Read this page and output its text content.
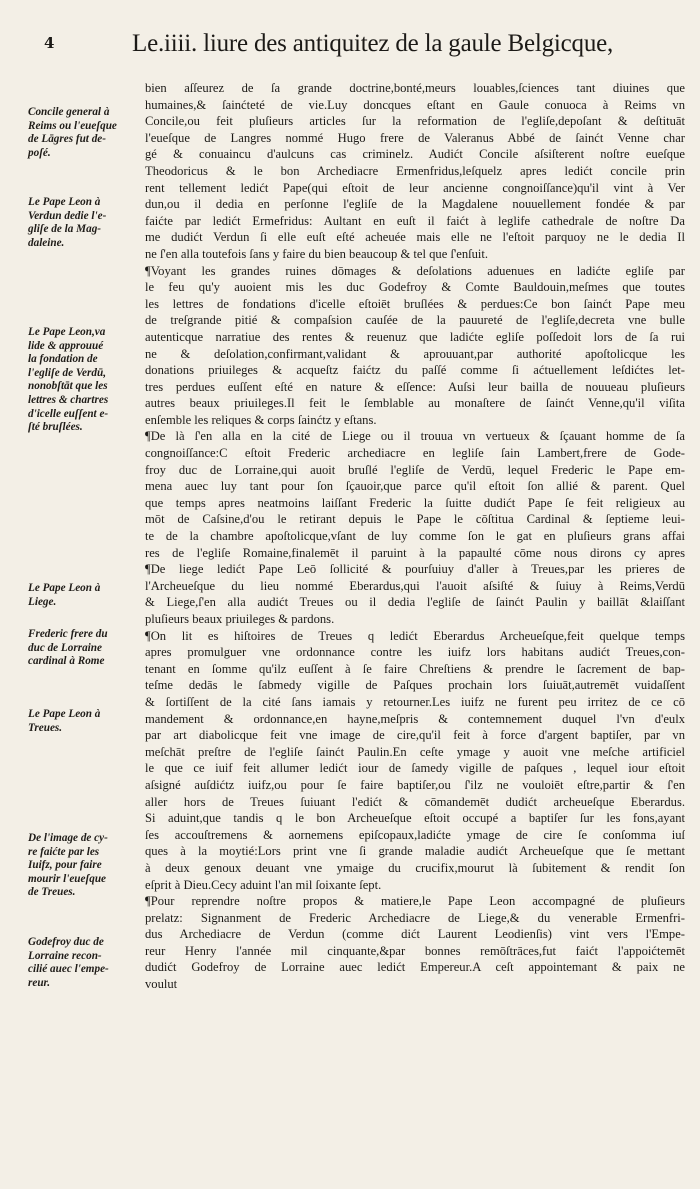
4	Le.iiii. liure des antiquitez de la gaule Belgicque,
bien aſſeurez de ſa grande doctrine,bonté,meurs louables,ſciences tant diuines que
humaines,& ſainćteté de vie.Luy doncques eſtant en Gaule conuoca à Reims vn
Concile,ou feit pluſieurs articles ſur la reformation de l'egliſe,depoſant & deſtituāt
l'eueſque de Langres nommé Hugo frere de Valeranus Abbé de ſainćt Venne char
gé & conuaincu d'aulcuns cas criminelz. Audićt Concile aſsiſterent noſtre eueſque
Theodoricus & le bon Archediacre Ermenfridus,leſquelz apres ledićt concile prin
rent tellement ledićt Pape(qui eſtoit de leur ancienne congnoiſſance)qu'il vint à Ver
dun,ou il dedia en perſonne l'egliſe de la Magdalene nouuellement fondée & par
faićte par ledićt Ermefridus: Aultant en euſt il faićt à leglife cathedrale de noſtre Da
me dudićt Verdun ſi elle euſt eſté acheuée mais elle ne l'eſtoit parquoy ne le dedia Il
ne ſ'en alla toutefois ſans y faire du bien beaucoup & tel que ſ'enſuit.
¶Voyant les grandes ruines dōmages & deſolations aduenues en ladićte egliſe par
le feu qu'y auoient mis les duc Godefroy & Comte Bauldouin,meſmes que toutes
les lettres de fondations d'icelle eſtoiēt bruſlées & perdues:Ce bon ſainćt Pape meu
de treſgrande pitié & compaſsion cauſée de la pauureté de l'egliſe,decreta vne bulle
autenticque narratiue des rentes & reuenuz que ladićte egliſe poſſedoit lors de ſa rui
ne & deſolation,confirmant,validant & aprouuant,par authorité apoſtolicque les
donations priuileges & acqueſtz faićtz du paſſé comme ſi aćtuellement leſdićtes let-
tres perdues euſſent eſté en nature & eſſence: Auſsi leur bailla de nouueau pluſieurs
autres beaux priuileges.Il feit le ſemblable au monaſtere de ſainćt Venne,qu'il viſita
enſemble les reliques & corps ſainćtz y eſtans.
¶De là ſ'en alla en la cité de Liege ou il trouua vn vertueux & ſçauant homme de ſa
congnoiſſance:C eſtoit Frederic archediacre en legliſe ſain Lambert,frere de Gode-
froy duc de Lorraine,qui auoit bruſlé l'egliſe de Verdū, lequel Frederic le Pape em-
mena auec luy tant pour ſon ſçauoir,que parce qu'il eſtoit ſon allié & parent. Quel
que temps apres neatmoins laiſſant Frederic la ſuitte dudićt Pape ſe feit religieux au
mōt de Caſsine,d'ou le retirant depuis le Pape le cōſtitua Cardinal & ſeptieme leui-
te de la chambre apoſtolicque,vſant de luy comme ſon le gat en pluſieurs grans affai
res de l'egliſe Romaine,finalemēt il paruint à la papaulté cōme nous dirons cy apres
¶De liege ledićt Pape Leō ſollicité & pourſuiuy d'aller à Treues,par les prieres de
l'Archeueſque du lieu nommé Eberardus,qui l'auoit aſsiſté & ſuiuy à Reims,Verdū
& Liege,ſ'en alla audićt Treues ou il dedia l'egliſe de ſainćt Paulin y baillāt &laiſſant
pluſieurs beaux priuileges & pardons.
¶On lit es hiſtoires de Treues q ledićt Eberardus Archeueſque,feit quelque temps
apres promulguer vne ordonnance contre les iuifz lors habitans audićt Treues,con-
tenant en ſomme qu'ilz euſſent à ſe faire Chreſtiens & prendre le ſacrement de bap-
teſme dedās le ſabmedy vigille de Paſques prochain lors ſuiuāt,autremēt vuidaſſent
& ſortiſſent de la cité ſans iamais y retourner.Les iuifz ne furent peu irritez de ce cō
mandement & ordonnance,en hayne,meſpris & contemnement duquel l'vn d'eulx
par art diabolicque feit vne image de cire,qu'il feit à force d'argent baptiſer, par vn
meſchāt preſtre de l'egliſe ſainćt Paulin.En ceſte ymage y auoit vne meſche artificiel
le que ce iuif feit allumer ledićt iour de ſamedy vigille de paſques , lequel iour eſtoit
aſsigné auſdićtz iuifz,ou pour ſe faire baptiſer,ou ſ'ilz ne vouloiēt eſtre,partir & ſ'en
aller hors de Treues ſuiuant l'edićt & cōmandemēt dudićt archeueſque Eberardus.
Si aduint,que tandis q le bon Archeueſque eſtoit occupé a baptiſer ſur les fons,ayant
ſes accouſtremens & aornemens epiſcopaux,ladićte ymage de cire ſe conſomma iuſ
ques à la moytié:Lors print vne ſi grande maladie audićt Archeueſque que ſe mettant
à deux genoux deuant vne ymaige du crucifix,mourut là ſubitement & rendit ſon
eſprit à Dieu.Cecy aduint l'an mil ſoixante ſept.
¶Pour reprendre noſtre propos & matiere,le Pape Leon accompagné de pluſieurs
prelatz: Signanment de Frederic Archediacre de Liege,& du venerable Ermenfri-
dus Archediacre de Verdun (comme dićt Laurent Leodienſis) vint vers l'Empe-
reur Henry l'année mil cinquante,&par bonnes remōſtrāces,fut faićt l'appoićtemēt
dudićt Godefroy de Lorraine auec ledićt Empereur.A ceſt appointemant & paix ne
voulut
Concile general à
Reims ou l'eueſque
de Lāgres fut de-
poſé.
Le Pape Leon à
Verdun dedie l'e-
gliſe de la Mag-
daleine.
Le Pape Leon,va
lide & approuué
la fondation de
l'egliſe de Verdū,
nonobſtāt que les
lettres & chartres
d'icelle euſſent e-
ſté bruſlées.
Le Pape Leon à
Liege.
Frederic frere du
duc de Lorraine
cardinal à Rome
Le Pape Leon à
Treues.
De l'image de cy-
re faićte par les
Iuifz, pour faire
mourir l'eueſque
de Treues.
Godefroy duc de
Lorraine recon-
cilié auec l'empe-
reur.
